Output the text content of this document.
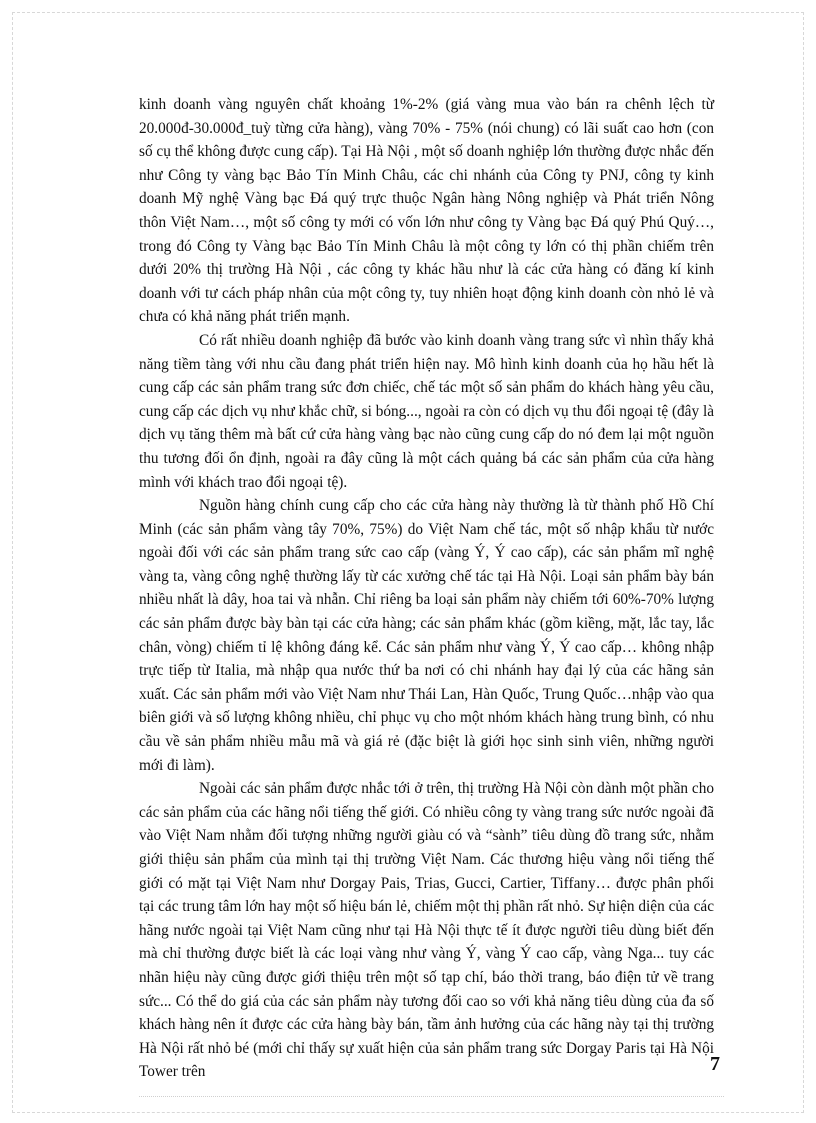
kinh doanh vàng nguyên chất khoảng 1%-2% (giá vàng mua vào bán ra chênh lệch từ 20.000đ-30.000đ_tuỳ từng cửa hàng), vàng 70% - 75% (nói chung) có lãi suất cao hơn (con số cụ thể không được cung cấp). Tại Hà Nội , một số doanh nghiệp lớn thường được nhắc đến như Công ty vàng bạc Bảo Tín Minh Châu, các chi nhánh của Công ty PNJ, công ty kinh doanh Mỹ nghệ Vàng bạc Đá quý trực thuộc Ngân hàng Nông nghiệp và Phát triển Nông thôn Việt Nam…, một số công ty mới có vốn lớn như công ty Vàng bạc Đá quý Phú Quý…, trong đó Công ty Vàng bạc Bảo Tín Minh Châu là một công ty lớn có thị phần chiếm trên dưới 20% thị trường Hà Nội , các công ty khác hầu như là các cửa hàng có đăng kí kinh doanh với tư cách pháp nhân của một công ty, tuy nhiên hoạt động kinh doanh còn nhỏ lẻ và chưa có khả năng phát triển mạnh.

Có rất nhiều doanh nghiệp đã bước vào kinh doanh vàng trang sức vì nhìn thấy khả năng tiềm tàng với nhu cầu đang phát triển hiện nay. Mô hình kinh doanh của họ hầu hết là cung cấp các sản phẩm trang sức đơn chiếc, chế tác một số sản phẩm do khách hàng yêu cầu, cung cấp các dịch vụ như khắc chữ, si bóng..., ngoài ra còn có dịch vụ thu đổi ngoại tệ (đây là dịch vụ tăng thêm mà bất cứ cửa hàng vàng bạc nào cũng cung cấp do nó đem lại một nguồn thu tương đối ổn định, ngoài ra đây cũng là một cách quảng bá các sản phẩm của cửa hàng mình với khách trao đổi ngoại tệ).

Nguồn hàng chính cung cấp cho các cửa hàng này thường là từ thành phố Hồ Chí Minh (các sản phẩm vàng tây 70%, 75%) do Việt Nam chế tác, một số nhập khẩu từ nước ngoài đối với các sản phẩm trang sức cao cấp (vàng Ý, Ý cao cấp), các sản phẩm mĩ nghệ vàng ta, vàng công nghệ thường lấy từ các xưởng chế tác tại Hà Nội. Loại sản phẩm bày bán nhiều nhất là dây, hoa tai và nhẫn. Chỉ riêng ba loại sản phẩm này chiếm tới 60%-70% lượng các sản phẩm được bày bàn tại các cửa hàng; các sản phẩm khác (gồm kiềng, mặt, lắc tay, lắc chân, vòng) chiếm tỉ lệ không đáng kể. Các sản phẩm như vàng Ý, Ý cao cấp… không nhập trực tiếp từ Italia, mà nhập qua nước thứ ba nơi có chi nhánh hay đại lý của các hãng sản xuất. Các sản phẩm mới vào Việt Nam như Thái Lan, Hàn Quốc, Trung Quốc…nhập vào qua biên giới và số lượng không nhiều, chỉ phục vụ cho một nhóm khách hàng trung bình, có nhu cầu về sản phẩm nhiều mẫu mã và giá rẻ (đặc biệt là giới học sinh sinh viên, những người mới đi làm).

Ngoài các sản phẩm được nhắc tới ở trên, thị trường Hà Nội còn dành một phần cho các sản phẩm của các hãng nổi tiếng thế giới. Có nhiều công ty vàng trang sức nước ngoài đã vào Việt Nam nhằm đối tượng những người giàu có và “sành” tiêu dùng đồ trang sức, nhằm giới thiệu sản phẩm của mình tại thị trường Việt Nam. Các thương hiệu vàng nổi tiếng thế giới có mặt tại Việt Nam như Dorgay Pais, Trias, Gucci, Cartier, Tiffany… được phân phối tại các trung tâm lớn hay một số hiệu bán lẻ, chiếm một thị phần rất nhỏ. Sự hiện diện của các hãng nước ngoài tại Việt Nam cũng như tại Hà Nội thực tế ít được người tiêu dùng biết đến mà chỉ thường được biết là các loại vàng như vàng Ý, vàng Ý cao cấp, vàng Nga... tuy các nhãn hiệu này cũng được giới thiệu trên một số tạp chí, báo thời trang, báo điện tử về trang sức... Có thể do giá của các sản phẩm này tương đối cao so với khả năng tiêu dùng của đa số khách hàng nên ít được các cửa hàng bày bán, tầm ảnh hưởng của các hãng này tại thị trường Hà Nội rất nhỏ bé (mới chỉ thấy sự xuất hiện của sản phẩm trang sức Dorgay Paris tại Hà Nội Tower trên	7
